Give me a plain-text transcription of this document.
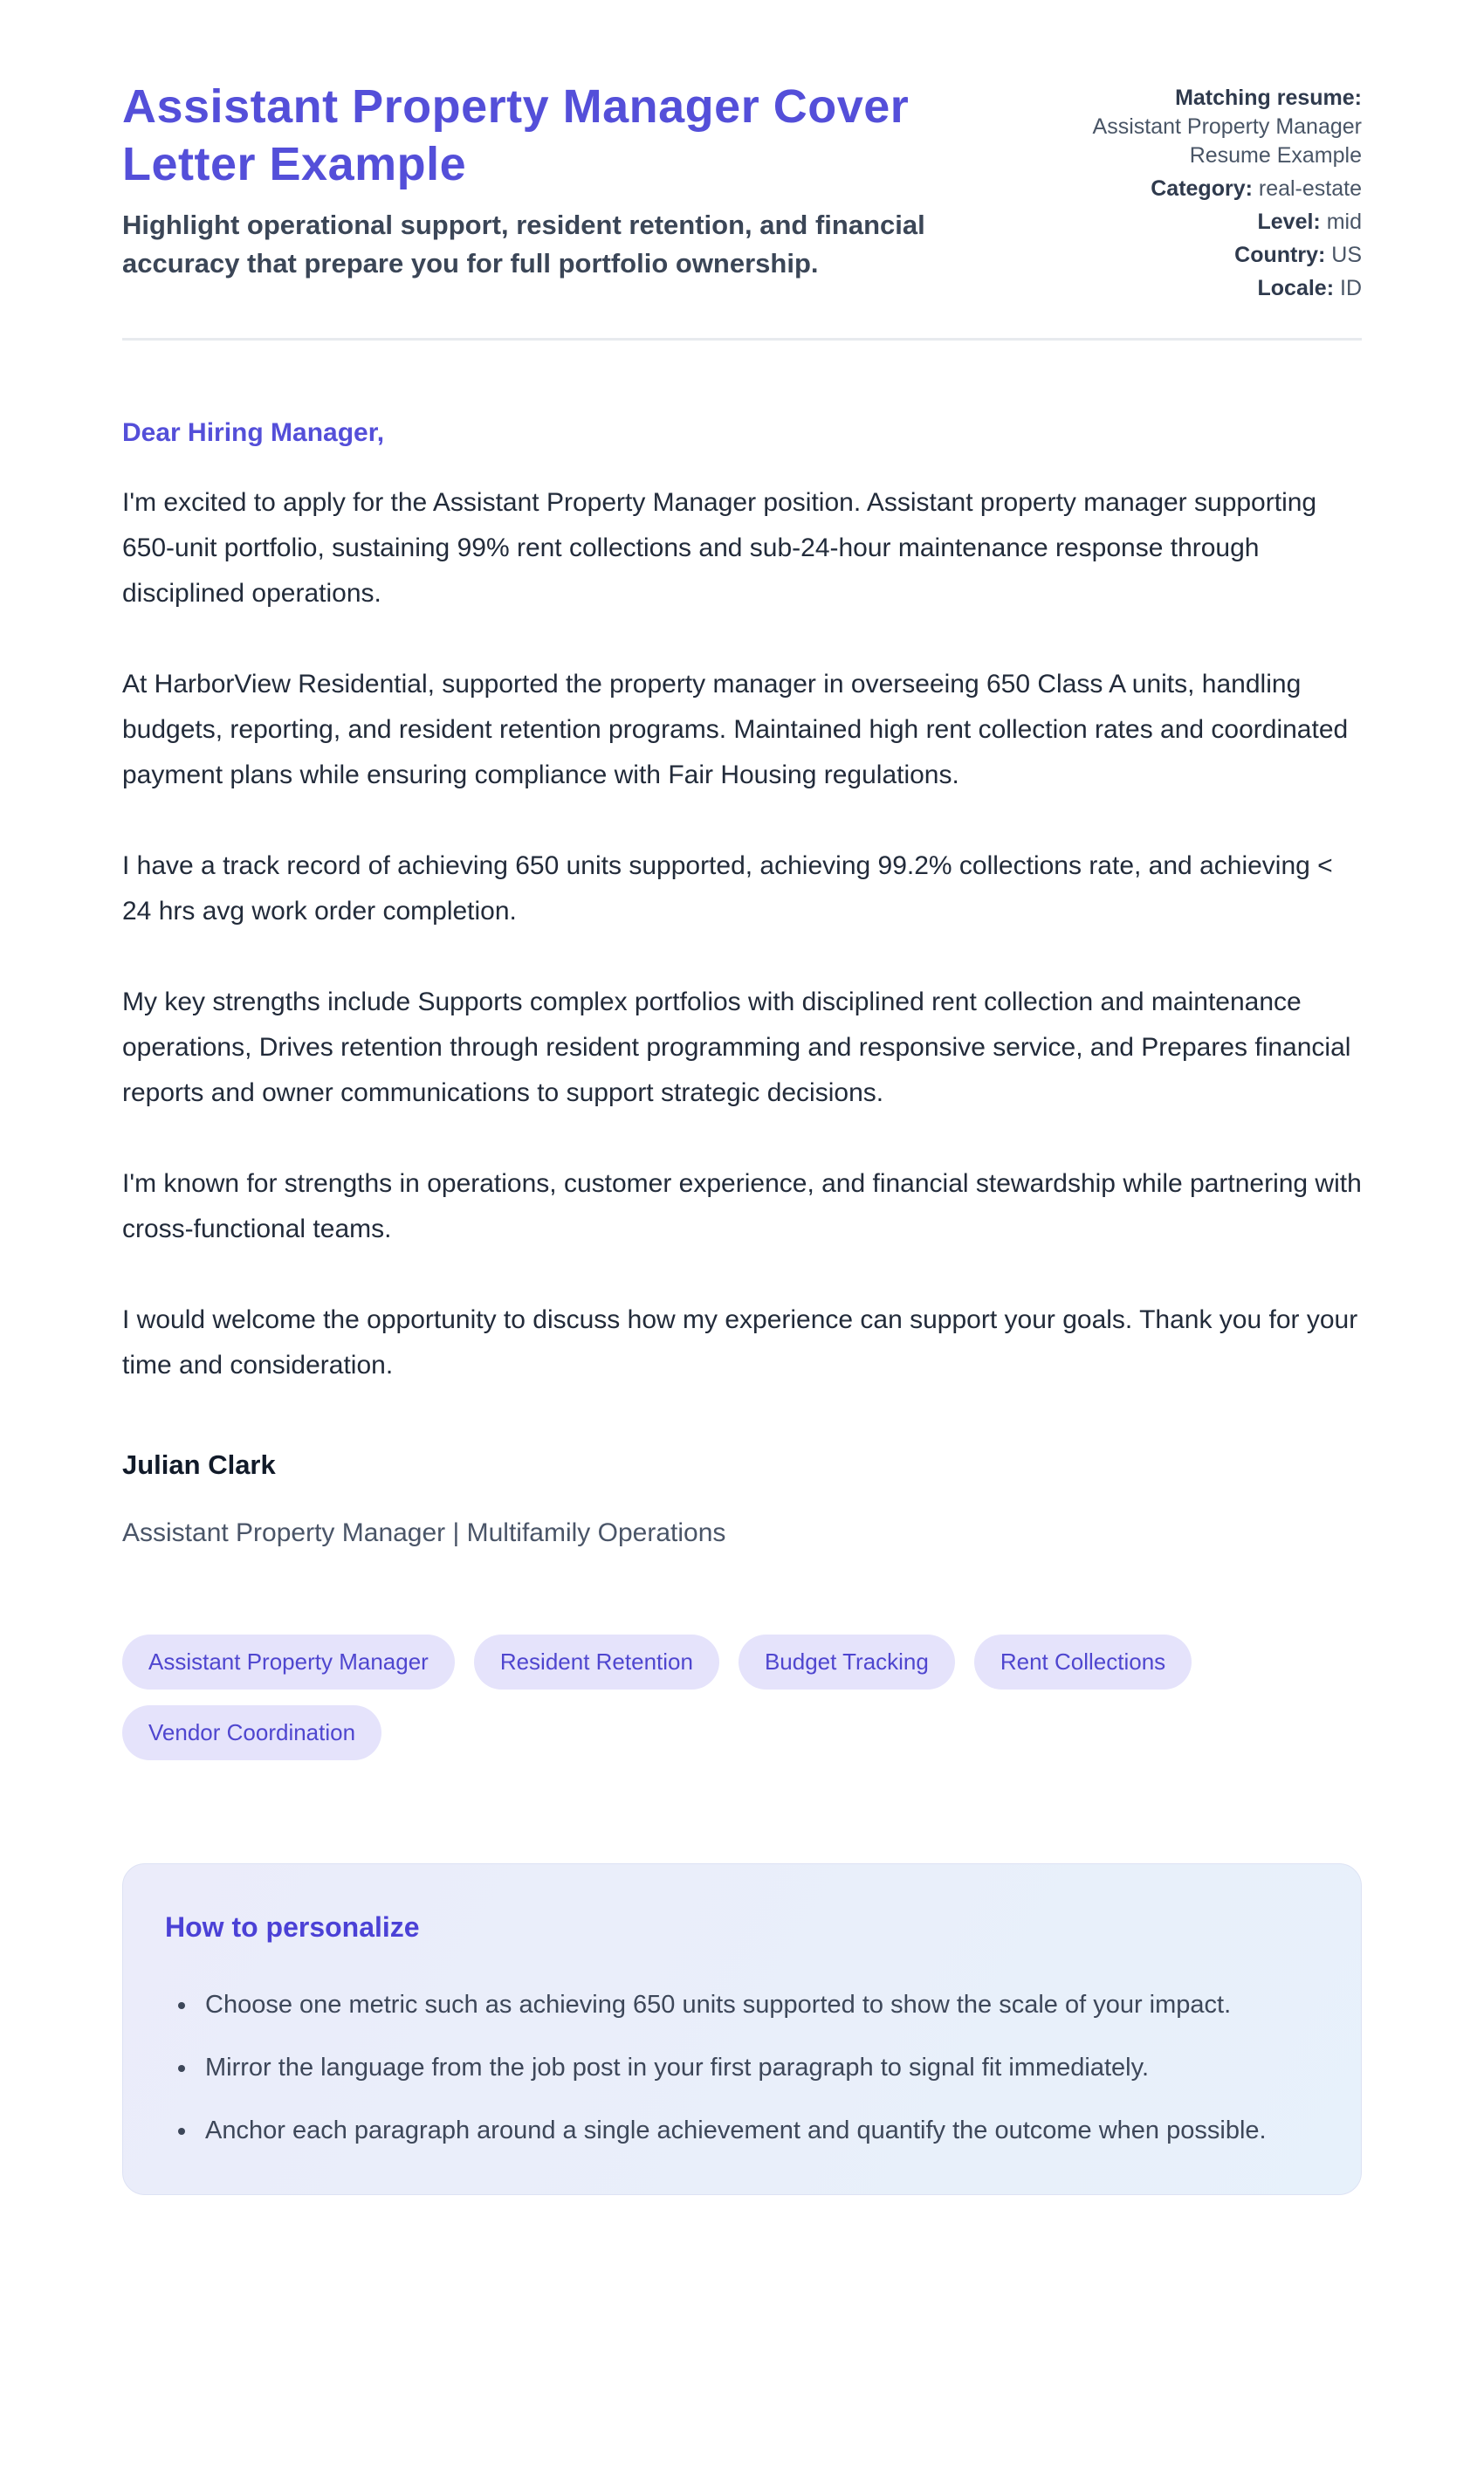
Assistant Property Manager Cover Letter Example

Highlight operational support, resident retention, and financial accuracy that prepare you for full portfolio ownership.

Matching resume:
Assistant Property Manager Resume Example
Category: real-estate
Level: mid
Country: US
Locale: ID

Dear Hiring Manager,

I'm excited to apply for the Assistant Property Manager position. Assistant property manager supporting 650-unit portfolio, sustaining 99% rent collections and sub-24-hour maintenance response through disciplined operations.

At HarborView Residential, supported the property manager in overseeing 650 Class A units, handling budgets, reporting, and resident retention programs. Maintained high rent collection rates and coordinated payment plans while ensuring compliance with Fair Housing regulations.

I have a track record of achieving 650 units supported, achieving 99.2% collections rate, and achieving < 24 hrs avg work order completion.

My key strengths include Supports complex portfolios with disciplined rent collection and maintenance operations, Drives retention through resident programming and responsive service, and Prepares financial reports and owner communications to support strategic decisions.

I'm known for strengths in operations, customer experience, and financial stewardship while partnering with cross-functional teams.

I would welcome the opportunity to discuss how my experience can support your goals. Thank you for your time and consideration.

Julian Clark

Assistant Property Manager | Multifamily Operations

Assistant Property Manager	Resident Retention	Budget Tracking	Rent Collections
Vendor Coordination
How to personalize
• Choose one metric such as achieving 650 units supported to show the scale of your impact.
• Mirror the language from the job post in your first paragraph to signal fit immediately.
• Anchor each paragraph around a single achievement and quantify the outcome when possible.
